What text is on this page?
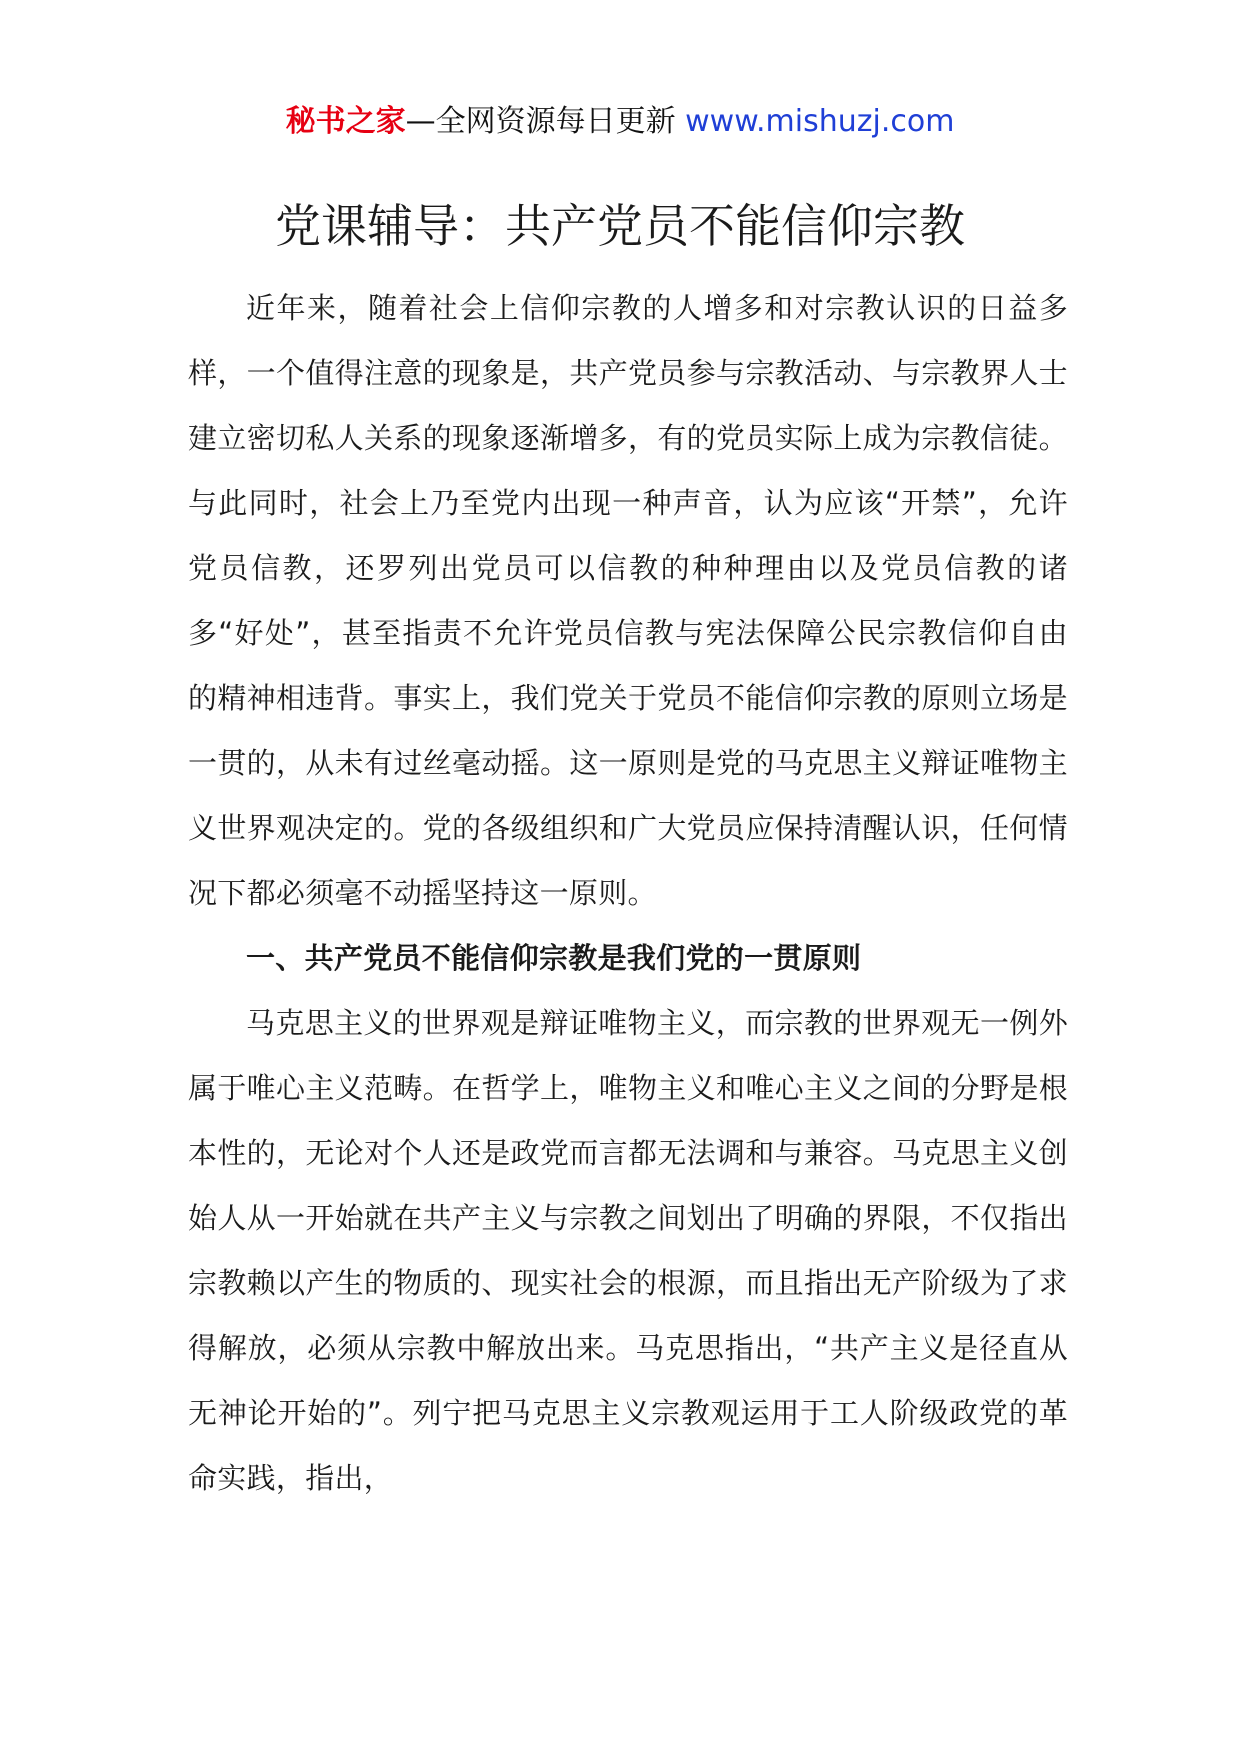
秘书之家—全网资源每日更新 www.mishuzj.com
党课辅导：共产党员不能信仰宗教

近年来，随着社会上信仰宗教的人增多和对宗教认识的日益多样，一个值得注意的现象是，共产党员参与宗教活动、与宗教界人士建立密切私人关系的现象逐渐增多，有的党员实际上成为宗教信徒。与此同时，社会上乃至党内出现一种声音，认为应该“开禁”，允许党员信教，还罗列出党员可以信教的种种理由以及党员信教的诸多“好处”，甚至指责不允许党员信教与宪法保障公民宗教信仰自由的精神相违背。事实上，我们党关于党员不能信仰宗教的原则立场是一贯的，从未有过丝毫动摇。这一原则是党的马克思主义辩证唯物主义世界观决定的。党的各级组织和广大党员应保持清醒认识，任何情况下都必须毫不动摇坚持这一原则。

一、共产党员不能信仰宗教是我们党的一贯原则

马克思主义的世界观是辩证唯物主义，而宗教的世界观无一例外属于唯心主义范畴。在哲学上，唯物主义和唯心主义之间的分野是根本性的，无论对个人还是政党而言都无法调和与兼容。马克思主义创始人从一开始就在共产主义与宗教之间划出了明确的界限，不仅指出宗教赖以产生的物质的、现实社会的根源，而且指出无产阶级为了求得解放，必须从宗教中解放出来。马克思指出，“共产主义是径直从无神论开始的”。列宁把马克思主义宗教观运用于工人阶级政党的革命实践，指出，
